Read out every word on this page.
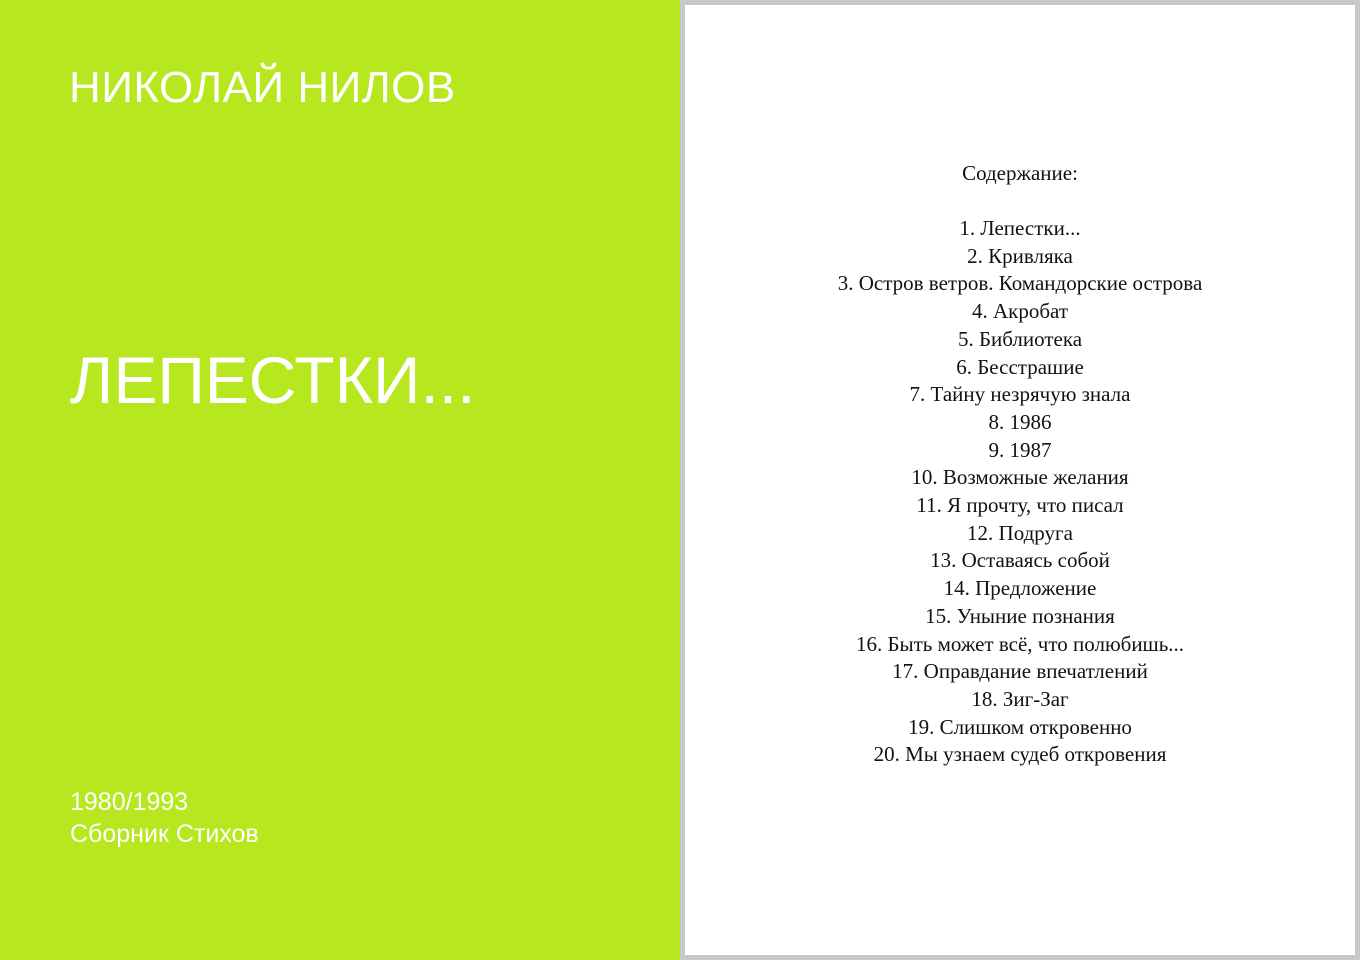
НИКОЛАЙ НИЛОВ
ЛЕПЕСТКИ...
1980/1993
Сборник Стихов
Содержание:
1. Лепестки...
2. Кривляка
3. Остров ветров. Командорские острова
4. Акробат
5. Библиотека
6. Бесстрашие
7. Тайну незрячую знала
8. 1986
9. 1987
10. Возможные желания
11. Я прочту, что писал
12. Подруга
13. Оставаясь собой
14. Предложение
15. Уныние познания
16. Быть может всё, что полюбишь...
17. Оправдание впечатлений
18. Зиг-Заг
19. Слишком откровенно
20. Мы узнаем судеб откровения
